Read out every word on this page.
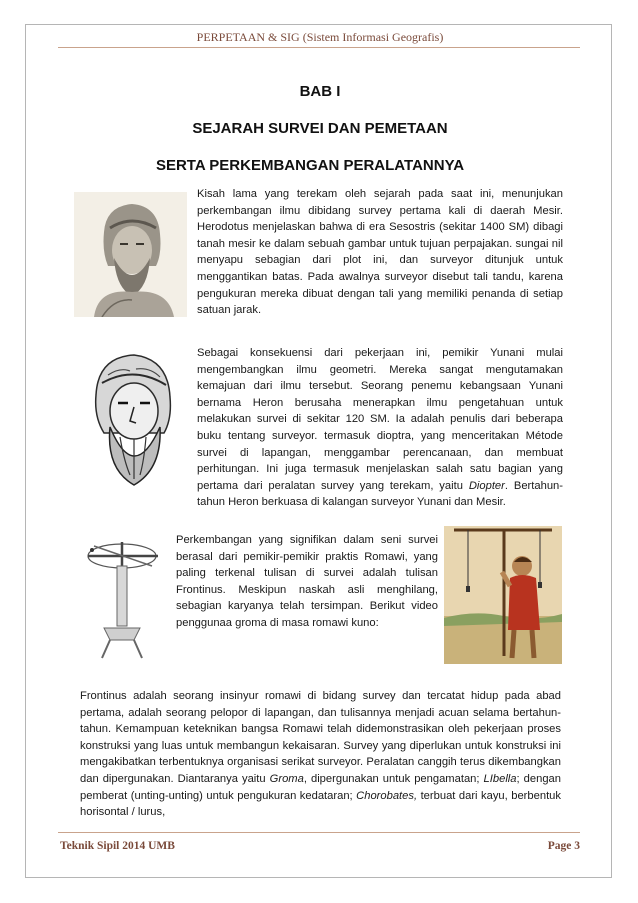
PERPETAAN & SIG (Sistem Informasi Geografis)
BAB I
SEJARAH SURVEI DAN PEMETAAN
SERTA PERKEMBANGAN PERALATANNYA
Kisah lama yang terekam oleh sejarah pada saat ini, menunjukan perkembangan ilmu dibidang survey pertama kali di daerah Mesir. Herodotus menjelaskan bahwa di era Sesostris (sekitar 1400 SM) dibagi tanah mesir ke dalam sebuah gambar untuk tujuan perpajakan. sungai nil menyapu sebagian dari plot ini, dan surveyor ditunjuk untuk menggantikan batas. Pada awalnya surveyor disebut tali tandu, karena pengukuran mereka dibuat dengan tali yang memiliki penanda di setiap satuan jarak.
Sebagai konsekuensi dari pekerjaan ini, pemikir Yunani mulai mengembangkan ilmu geometri. Mereka sangat mengutamakan kemajuan dari ilmu tersebut. Seorang penemu kebangsaan Yunani bernama Heron berusaha menerapkan ilmu pengetahuan untuk melakukan survei di sekitar 120 SM. Ia adalah penulis dari beberapa buku tentang surveyor. termasuk dioptra, yang menceritakan Métode survei di lapangan, menggambar perencanaan, dan membuat perhitungan. Ini juga termasuk menjelaskan salah satu bagian yang pertama dari peralatan survey yang terekam, yaitu Diopter. Bertahun-tahun Heron berkuasa di kalangan surveyor Yunani dan Mesir.
Perkembangan yang signifikan dalam seni survei berasal dari pemikir-pemikir praktis Romawi, yang paling terkenal tulisan di survei adalah tulisan Frontinus. Meskipun naskah asli menghilang, sebagian karyanya telah tersimpan. Berikut video penggunaa groma di masa romawi kuno:
Frontinus adalah seorang insinyur romawi di bidang survey dan tercatat hidup pada abad pertama, adalah seorang pelopor di lapangan, dan tulisannya menjadi acuan selama bertahun-tahun. Kemampuan keteknikan bangsa Romawi telah didemonstrasikan oleh pekerjaan proses konstruksi yang luas untuk membangun kekaisaran. Survey yang diperlukan untuk konstruksi ini mengakibatkan terbentuknya organisasi serikat surveyor. Peralatan canggih terus dikembangkan dan dipergunakan. Diantaranya yaitu Groma, dipergunakan untuk pengamatan; LIbella; dengan pemberat (unting-unting) untuk pengukuran kedataran; Chorobates, terbuat dari kayu, berbentuk horisontal / lurus,
Teknik Sipil 2014 UMB	Page 3
